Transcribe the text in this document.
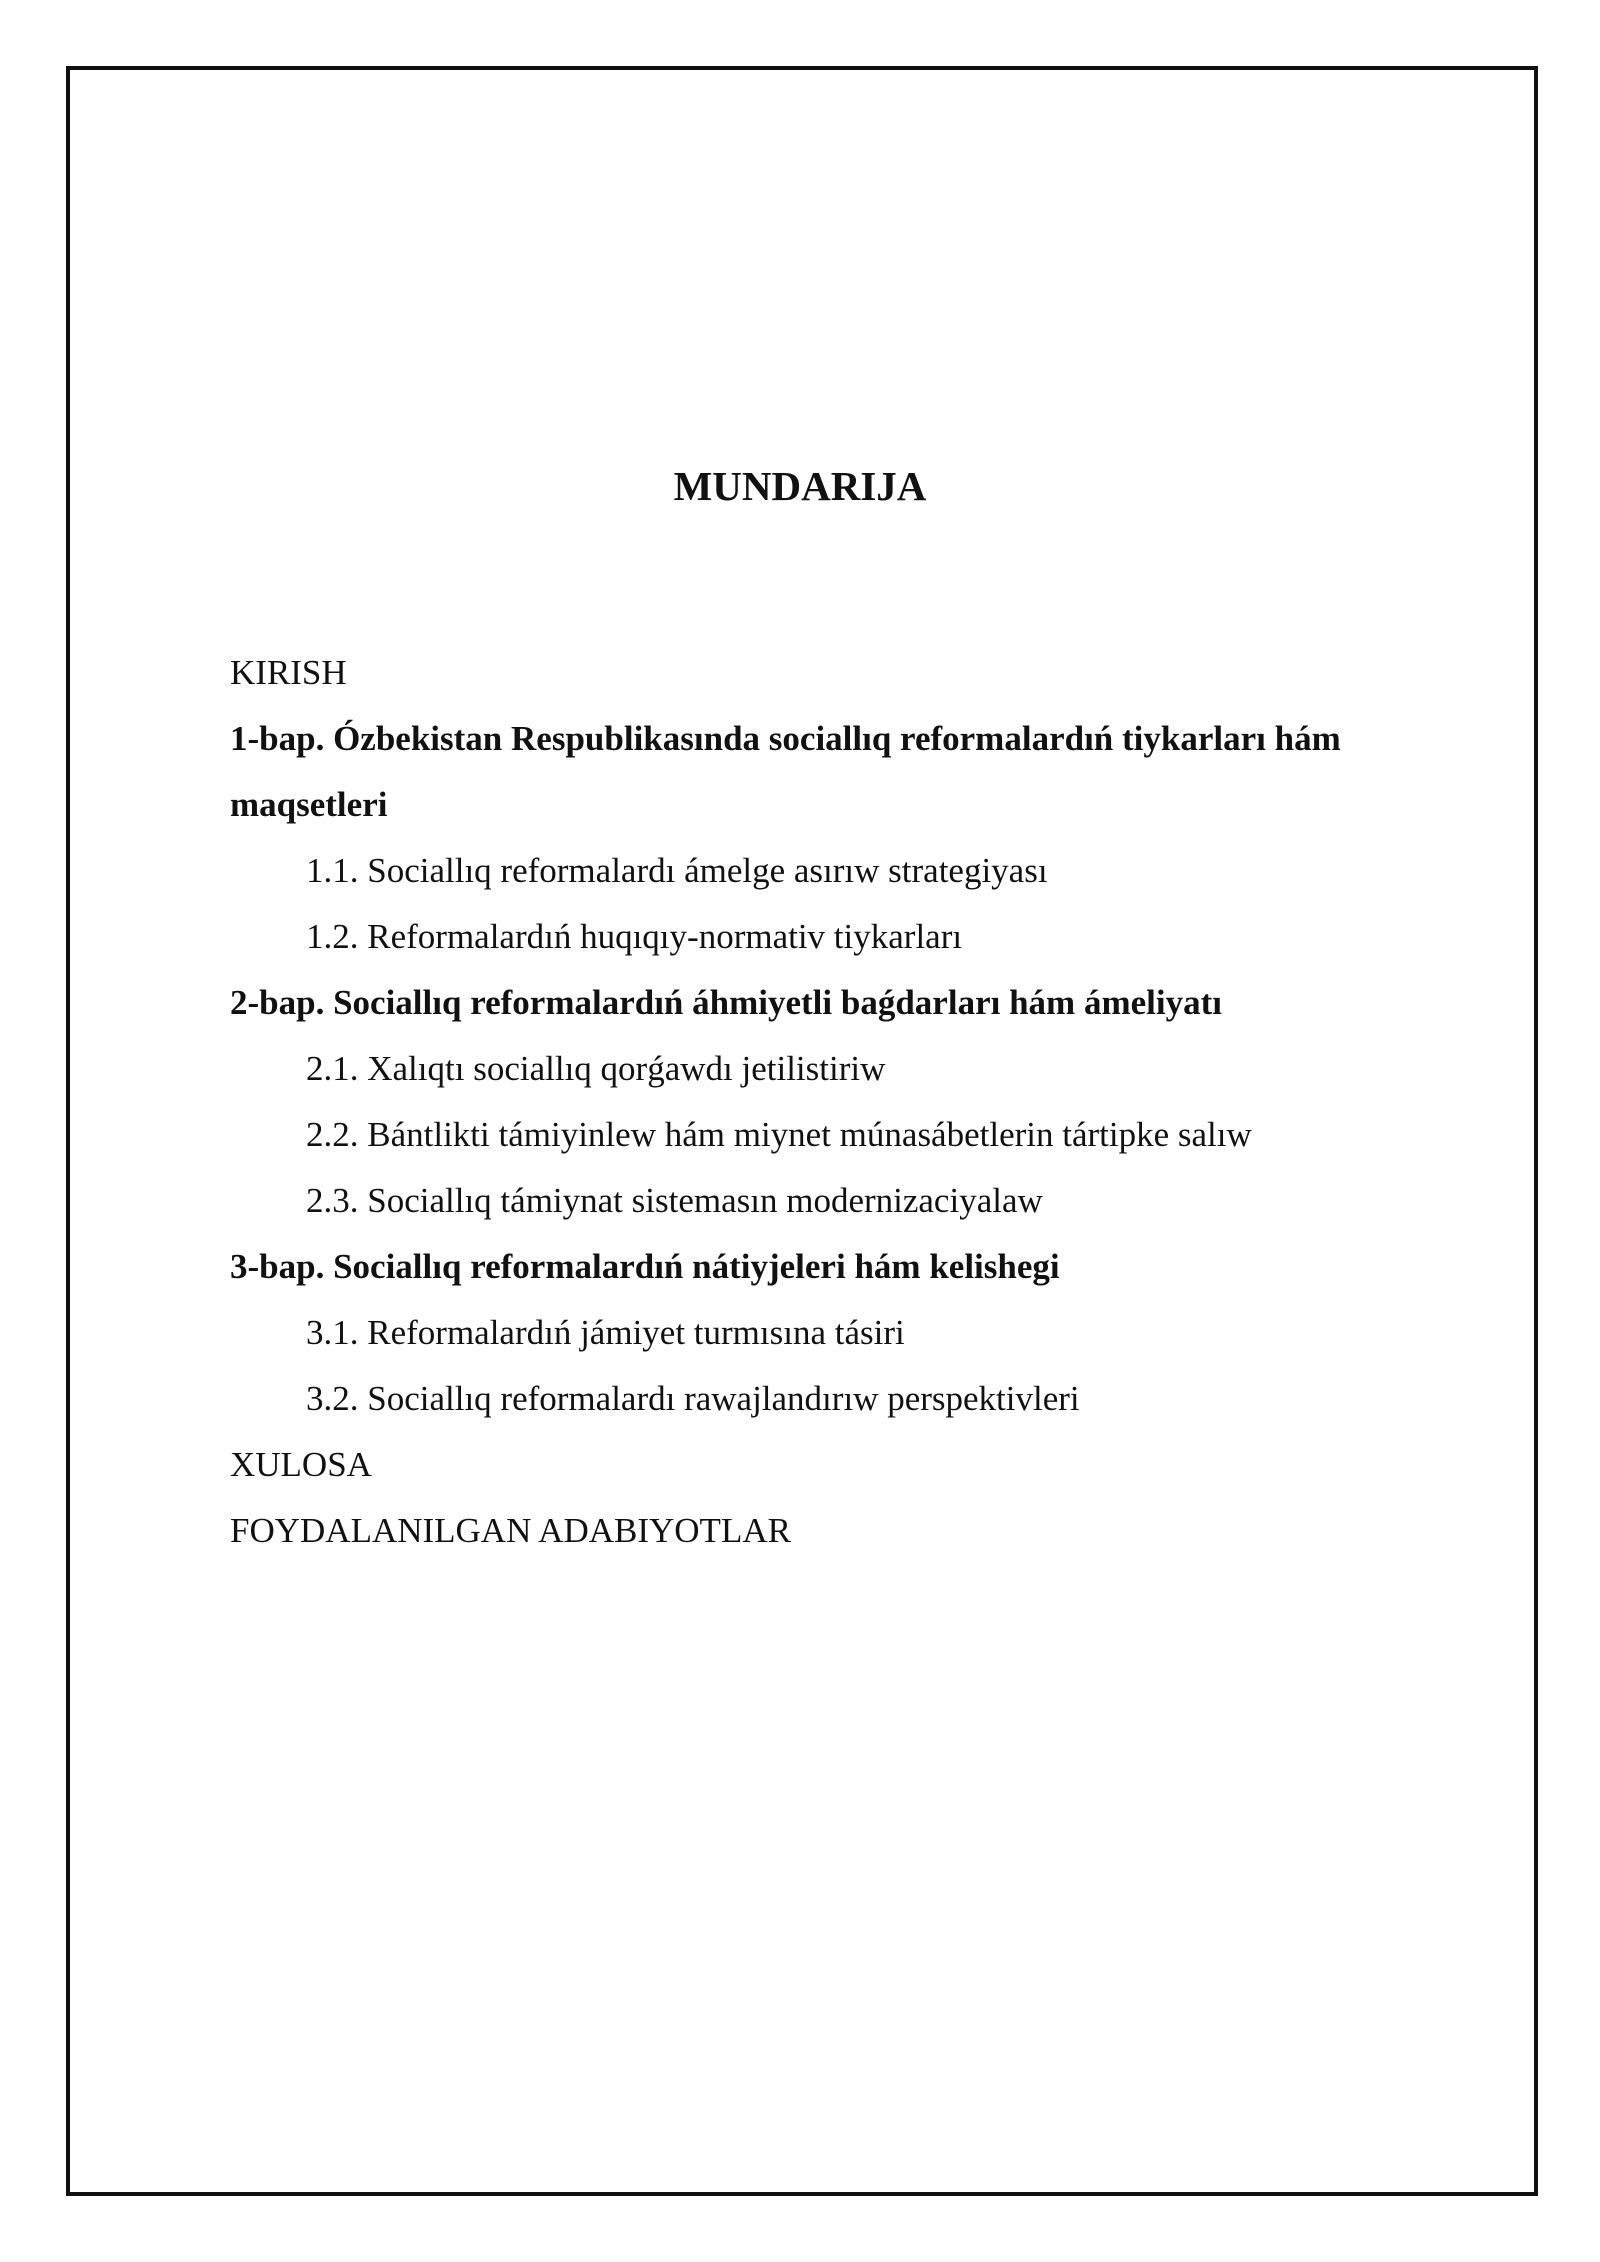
MUNDARIJA
KIRISH
1-bap. Ózbekistan Respublikasında sociallıq reformalardıń tiykarları hám maqsetleri
1.1. Sociallıq reformalardı ámelge asırıw strategiyası
1.2. Reformalardıń huqıqıy-normativ tiykarları
2-bap. Sociallıq reformalardıń áhmiyetli baǵdarları hám ámeliyatı
2.1. Xalıqtı sociallıq qorǵawdı jetilistiriw
2.2. Bántlikti támiyinlew hám miynet múnasábetlerin tártipke salıw
2.3. Sociallıq támiynat sistemasın modernizaciyalaw
3-bap. Sociallıq reformalardıń nátiyjeleri hám kelishegi
3.1. Reformalardıń jámiyet turmısına tásiri
3.2. Sociallıq reformalardı rawajlandırıw perspektivleri
XULOSA
FOYDALANILGAN ADABIYOTLAR
